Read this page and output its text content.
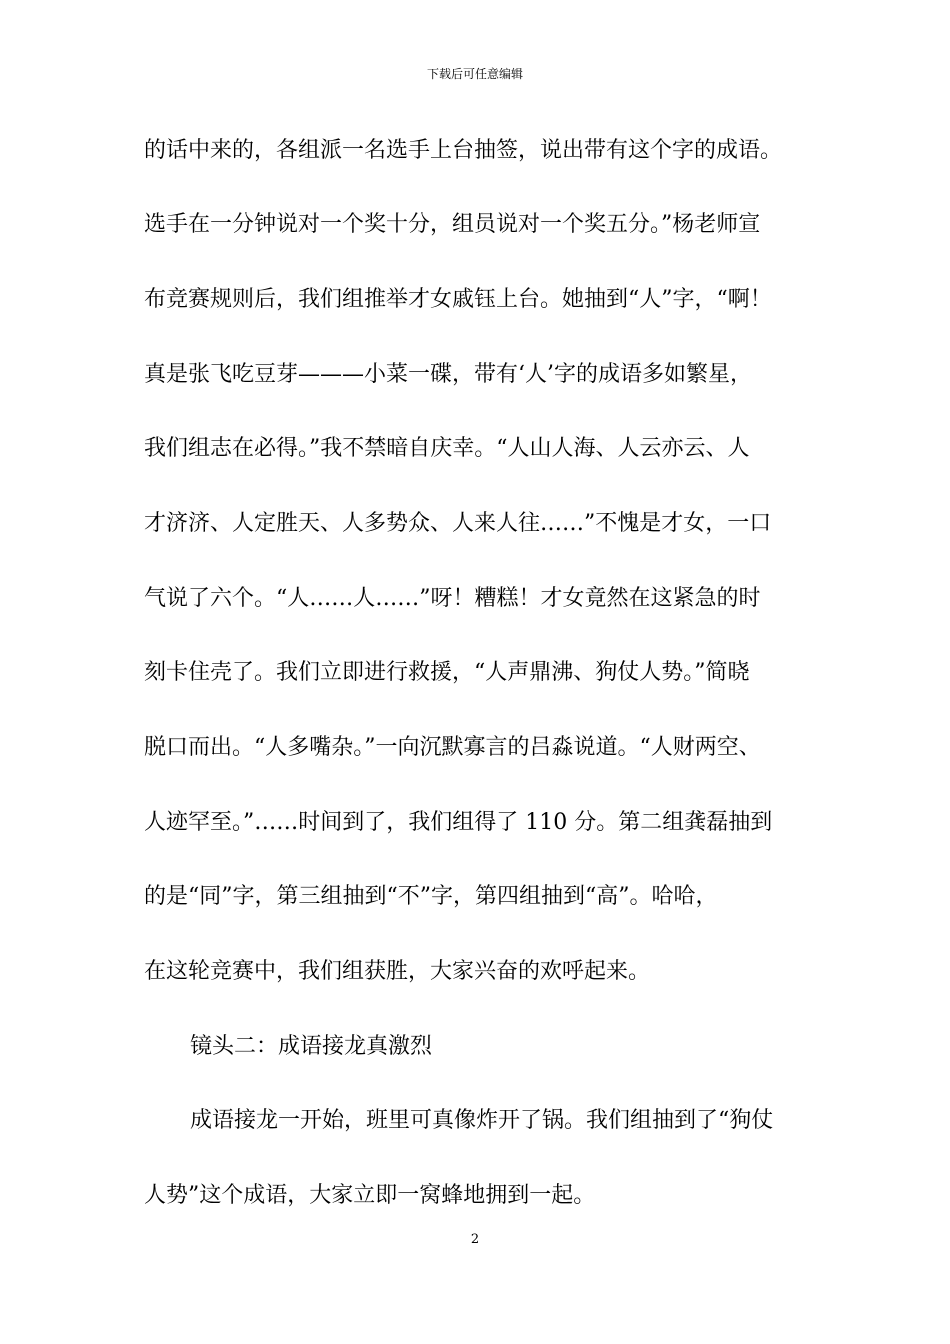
下载后可任意编辑
的话中来的，各组派一名选手上台抽签，说出带有这个字的成语。
选手在一分钟说对一个奖十分，组员说对一个奖五分。”杨老师宣
布竞赛规则后，我们组推举才女戚钰上台。她抽到“人”字，“啊！
真是张飞吃豆芽———小菜一碟，带有‘人’字的成语多如繁星，
我们组志在必得。”我不禁暗自庆幸。“人山人海、人云亦云、人
才济济、人定胜天、人多势众、人来人往……”不愧是才女，一口
气说了六个。“人……人……”呀！糟糕！才女竟然在这紧急的时
刻卡住壳了。我们立即进行救援，“人声鼎沸、狗仗人势。”简晓
脱口而出。“人多嘴杂。”一向沉默寡言的吕淼说道。“人财两空、
人迹罕至。”……时间到了，我们组得了 110 分。第二组龚磊抽到
的是“同”字，第三组抽到“不”字，第四组抽到“高”。哈哈，
在这轮竞赛中，我们组获胜，大家兴奋的欢呼起来。
镜头二：成语接龙真激烈
成语接龙一开始，班里可真像炸开了锅。我们组抽到了“狗仗
人势”这个成语，大家立即一窝蜂地拥到一起。
2
